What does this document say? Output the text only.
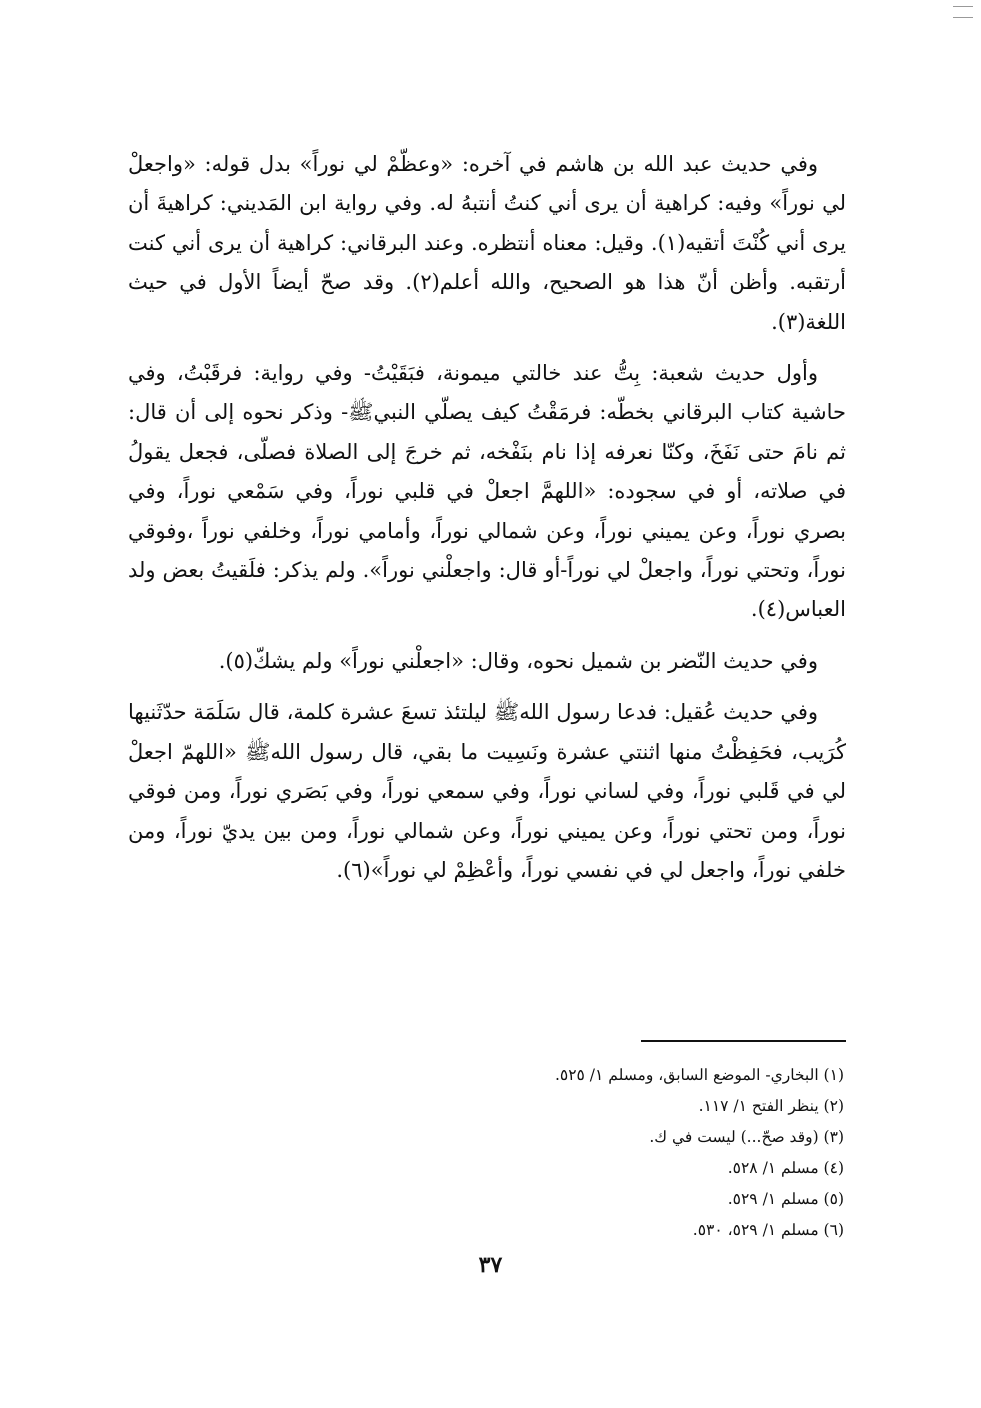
وفي حديث عبد الله بن هاشم في آخره: «وعظّمْ لي نوراً» بدل قوله: «واجعلْ لي نوراً» وفيه: كراهية أن يرى أني كنتُ أنتبهُ له. وفي رواية ابن المَديني: كراهيةَ أن يرى أني كُنْتَ أتقيه(١). وقيل: معناه أنتظره. وعند البرقاني: كراهية أن يرى أني كنت أرتقبه. وأظن أنّ هذا هو الصحيح، والله أعلم(٢). وقد صحّ أيضاً الأول في حيث اللغة(٣).

وأول حديث شعبة: بِتُّ عند خالتي ميمونة، فبَقَيْتُ- وفي رواية: فرقَبْتُ، وفي حاشية كتاب البرقاني بخطّه: فرمَقْتُ كيف يصلّي النبيﷺ- وذكر نحوه إلى أن قال: ثم نامَ حتى نَفَخَ، وكنّا نعرفه إذا نام بنَفْخه، ثم خرجَ إلى الصلاة فصلّى، فجعل يقولُ في صلاته، أو في سجوده: «اللهمَّ اجعلْ في قلبي نوراً، وفي سَمْعي نوراً، وفي بصري نوراً، وعن يميني نوراً، وعن شمالي نوراً، وأمامي نوراً، وخلفي نوراً ،وفوقي نوراً، وتحتي نوراً، واجعلْ لي نوراً-أو قال: واجعلْني نوراً». ولم يذكر: فلَقيتُ بعض ولد العباس(٤).

وفي حديث النّضر بن شميل نحوه، وقال: «اجعلْني نوراً» ولم يشكّ(٥).

وفي حديث عُقيل: فدعا رسول اللهﷺ ليلتئذ تسعَ عشرة كلمة، قال سَلَمَة حدّثَنيها كُرَيب، فحَفِظْتُ منها اثنتي عشرة ونَسِيت ما بقي، قال رسول اللهﷺ «اللهمّ اجعلْ لي في قَلبي نوراً، وفي لساني نوراً، وفي سمعي نوراً، وفي بَصَري نوراً، ومن فوقي نوراً، ومن تحتي نوراً، وعن يميني نوراً، وعن شمالي نوراً، ومن بين يديّ نوراً، ومن خلفي نوراً، واجعل لي في نفسي نوراً، وأعْظِمْ لي نوراً»(٦).

(١) البخاري- الموضع السابق، ومسلم ١/ ٥٢٥.
(٢) ينظر الفتح ١/ ١١٧.
(٣) (وقد صحّ...) ليست في ك.
(٤) مسلم ١/ ٥٢٨.
(٥) مسلم ١/ ٥٢٩.
(٦) مسلم ١/ ٥٢٩، ٥٣٠.
٣٧
